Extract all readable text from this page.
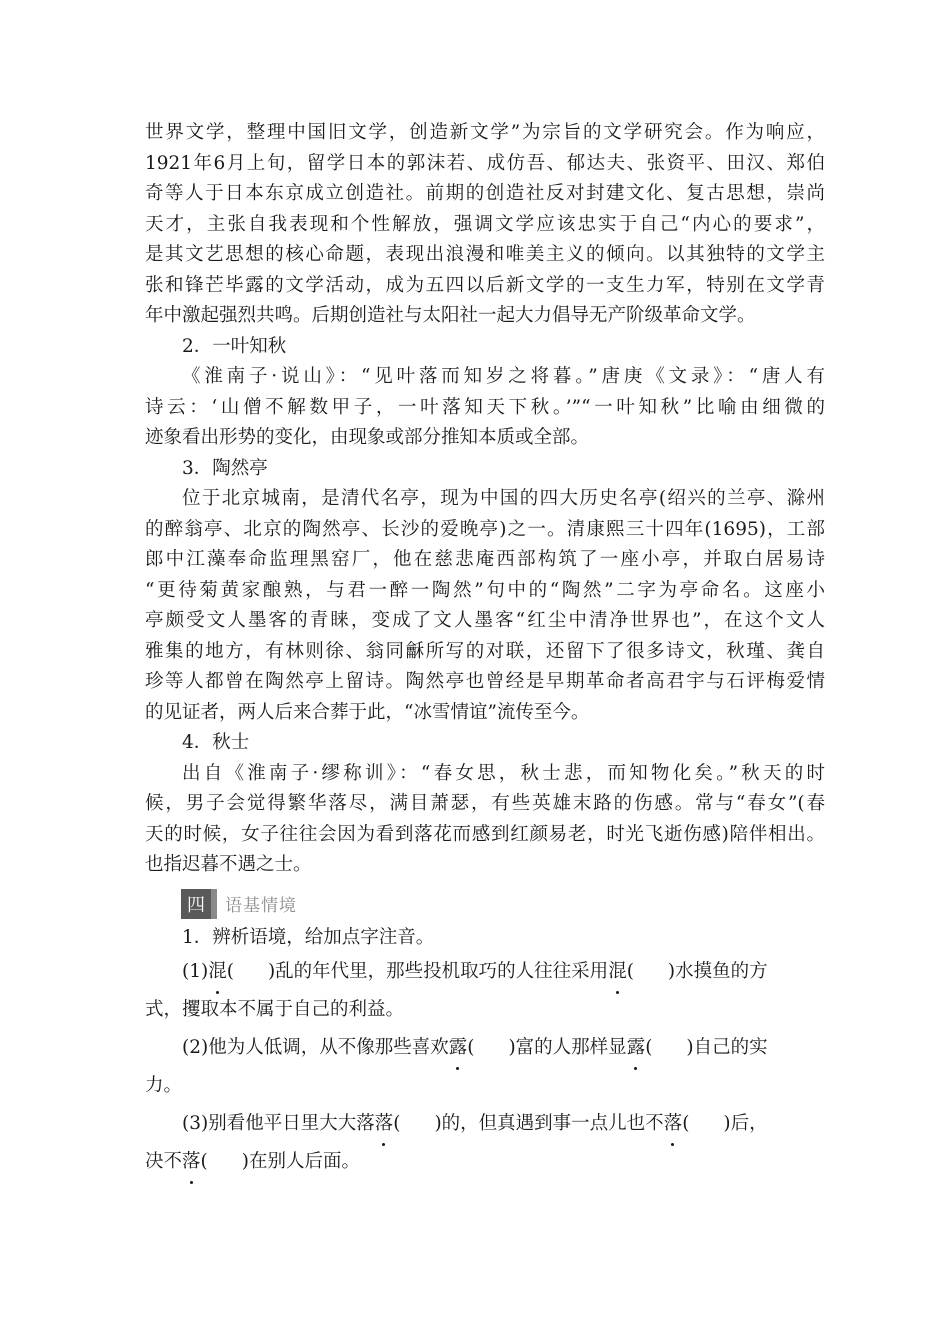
世界文学，整理中国旧文学，创造新文学”为宗旨的文学研究会。作为响应，
1921年6月上旬，留学日本的郭沫若、成仿吾、郁达夫、张资平、田汉、郑伯
奇等人于日本东京成立创造社。前期的创造社反对封建文化、复古思想，崇尚
天才，主张自我表现和个性解放，强调文学应该忠实于自己“内心的要求”，
是其文艺思想的核心命题，表现出浪漫和唯美主义的倾向。以其独特的文学主
张和锋芒毕露的文学活动，成为五四以后新文学的一支生力军，特别在文学青
年中激起强烈共鸣。后期创造社与太阳社一起大力倡导无产阶级革命文学。
2．一叶知秋
《淮南子·说山》：“见叶落而知岁之将暮。”唐庚《文录》：“唐人有
诗云：‘山僧不解数甲子，一叶落知天下秋。’”“一叶知秋”比喻由细微的
迹象看出形势的变化，由现象或部分推知本质或全部。
3．陶然亭
位于北京城南，是清代名亭，现为中国的四大历史名亭(绍兴的兰亭、滁州
的醉翁亭、北京的陶然亭、长沙的爱晚亭)之一。清康熙三十四年(1695)，工部
郎中江藻奉命监理黑窑厂，他在慈悲庵西部构筑了一座小亭，并取白居易诗
“更待菊黄家酿熟，与君一醉一陶然”句中的“陶然”二字为亭命名。这座小
亭颇受文人墨客的青睐，变成了文人墨客“红尘中清净世界也”，在这个文人
雅集的地方，有林则徐、翁同龢所写的对联，还留下了很多诗文，秋瑾、龚自
珍等人都曾在陶然亭上留诗。陶然亭也曾经是早期革命者高君宇与石评梅爱情
的见证者，两人后来合葬于此，“冰雪情谊”流传至今。
4．秋士
出自《淮南子·缪称训》：“春女思，秋士悲，而知物化矣。”秋天的时
候，男子会觉得繁华落尽，满目萧瑟，有些英雄末路的伤感。常与“春女”(春
天的时候，女子往往会因为看到落花而感到红颜易老，时光飞逝伤感)陪伴相出。
也指迟暮不遇之士。
四	语基情境
1．辨析语境，给加点字注音。
(1)混( )乱的年代里，那些投机取巧的人往往采用混( )水摸鱼的方
式，攫取本不属于自己的利益。
(2)他为人低调，从不像那些喜欢露( )富的人那样显露( )自己的实
力。
(3)别看他平日里大大落落( )的，但真遇到事一点儿也不落( )后，
决不落( )在别人后面。
